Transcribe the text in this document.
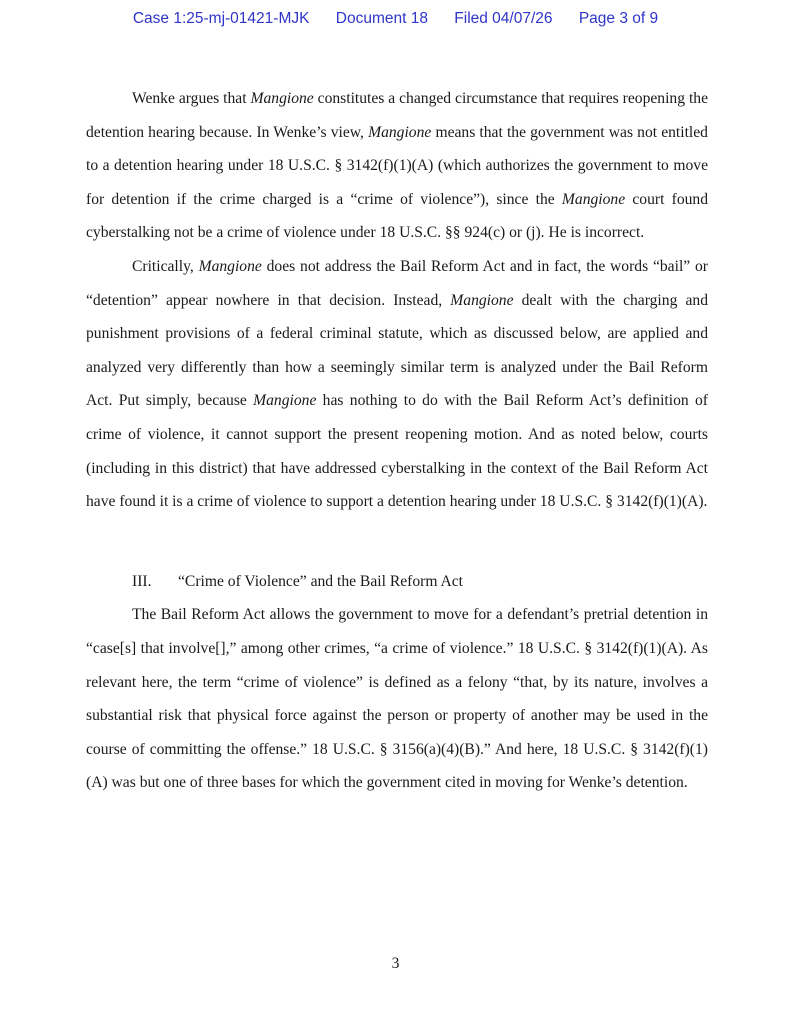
Case 1:25-mj-01421-MJK Document 18 Filed 04/07/26 Page 3 of 9

Wenke argues that Mangione constitutes a changed circumstance that requires reopening the detention hearing because. In Wenke’s view, Mangione means that the government was not entitled to a detention hearing under 18 U.S.C. § 3142(f)(1)(A) (which authorizes the government to move for detention if the crime charged is a “crime of violence”), since the Mangione court found cyberstalking not be a crime of violence under 18 U.S.C. §§ 924(c) or (j). He is incorrect.

Critically, Mangione does not address the Bail Reform Act and in fact, the words “bail” or “detention” appear nowhere in that decision. Instead, Mangione dealt with the charging and punishment provisions of a federal criminal statute, which as discussed below, are applied and analyzed very differently than how a seemingly similar term is analyzed under the Bail Reform Act. Put simply, because Mangione has nothing to do with the Bail Reform Act’s definition of crime of violence, it cannot support the present reopening motion. And as noted below, courts (including in this district) that have addressed cyberstalking in the context of the Bail Reform Act have found it is a crime of violence to support a detention hearing under 18 U.S.C. § 3142(f)(1)(A).

III. “Crime of Violence” and the Bail Reform Act

The Bail Reform Act allows the government to move for a defendant’s pretrial detention in “case[s] that involve[],” among other crimes, “a crime of violence.” 18 U.S.C. § 3142(f)(1)(A). As relevant here, the term “crime of violence” is defined as a felony “that, by its nature, involves a substantial risk that physical force against the person or property of another may be used in the course of committing the offense.” 18 U.S.C. § 3156(a)(4)(B).” And here, 18 U.S.C. § 3142(f)(1)(A) was but one of three bases for which the government cited in moving for Wenke’s detention.

3
